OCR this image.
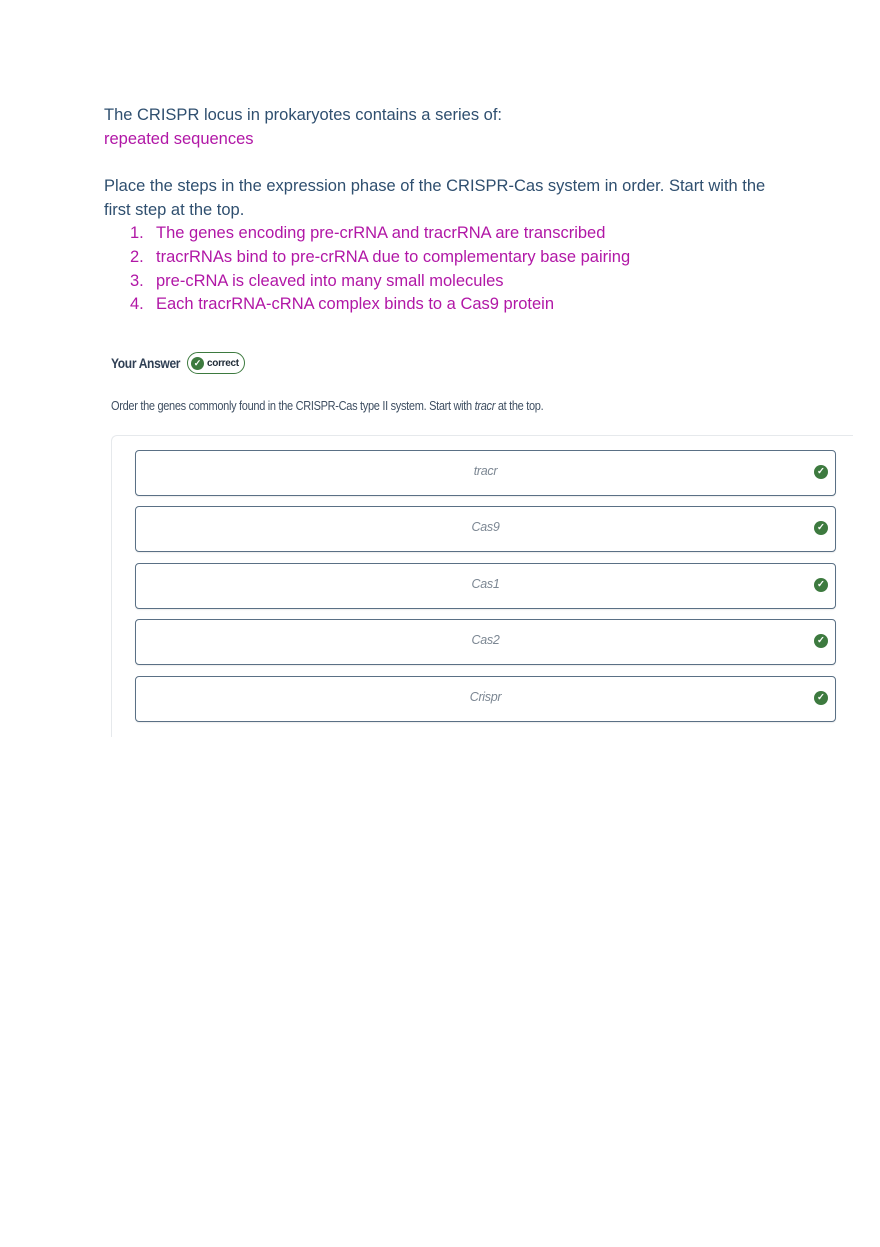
The CRISPR locus in prokaryotes contains a series of:
repeated sequences
Place the steps in the expression phase of the CRISPR-Cas system in order. Start with the first step at the top.
1. The genes encoding pre-crRNA and tracrRNA are transcribed
2. tracrRNAs bind to pre-crRNA due to complementary base pairing
3. pre-cRNA is cleaved into many small molecules
4. Each tracrRNA-cRNA complex binds to a Cas9 protein
Your Answer	✓ correct
Order the genes commonly found in the CRISPR-Cas type II system. Start with tracr at the top.
tracr	✓
Cas9	✓
Cas1	✓
Cas2	✓
Crispr	✓
